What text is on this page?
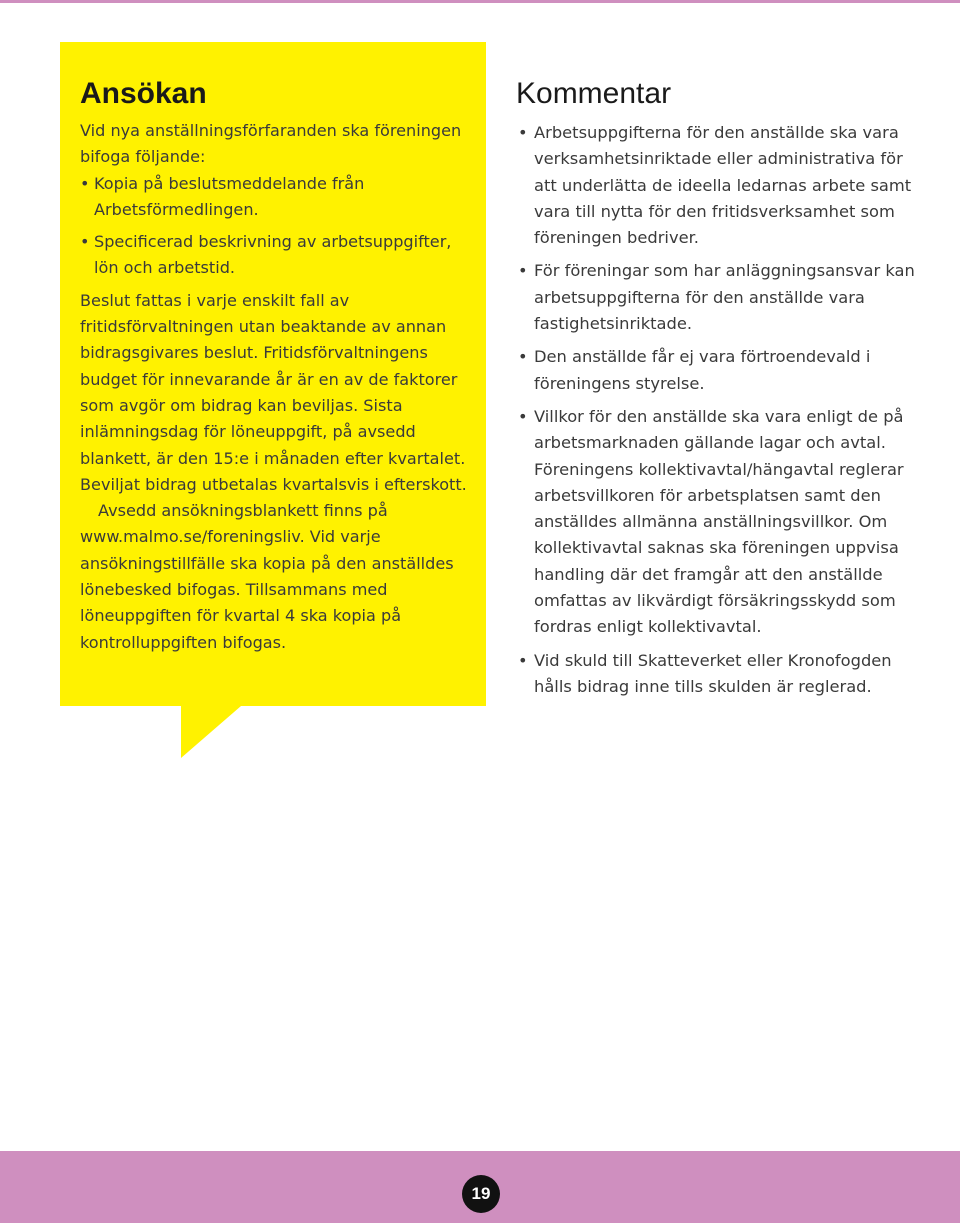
Ansökan

Vid nya anställningsförfaranden ska föreningen bifoga följande:

• Kopia på beslutsmeddelande från Arbetsförmedlingen.
• Specificerad beskrivning av arbetsuppgifter, lön och arbetstid.

Beslut fattas i varje enskilt fall av fritidsförvaltningen utan beaktande av annan bidragsgivares beslut. Fritidsförvaltningens budget för innevarande år är en av de faktorer som avgör om bidrag kan beviljas. Sista inlämningsdag för löneuppgift, på avsedd blankett, är den 15:e i månaden efter kvartalet. Beviljat bidrag utbetalas kvartalsvis i efterskott.

Avsedd ansökningsblankett finns på

www.malmo.se/foreningsliv. Vid varje ansökningstillfälle ska kopia på den anställdes lönebesked bifogas. Tillsammans med löneuppgiften för kvartal 4 ska kopia på kontrolluppgiften bifogas.

Kommentar
• Arbetsuppgifterna för den anställde ska vara verksamhetsinriktade eller administrativa för att underlätta de ideella ledarnas arbete samt vara till nytta för den fritidsverksamhet som föreningen bedriver.
• För föreningar som har anläggningsansvar kan arbetsuppgifterna för den anställde vara fastighetsinriktade.
• Den anställde får ej vara förtroendevald i föreningens styrelse.
• Villkor för den anställde ska vara enligt de på arbetsmarknaden gällande lagar och avtal. Föreningens kollektivavtal/hängavtal reglerar arbetsvillkoren för arbetsplatsen samt den anställdes allmänna anställningsvillkor. Om kollektivavtal saknas ska föreningen uppvisa handling där det framgår att den anställde omfattas av likvärdigt försäkringsskydd som fordras enligt kollektivavtal.
• Vid skuld till Skatteverket eller Kronofogden hålls bidrag inne tills skulden är reglerad.
19
